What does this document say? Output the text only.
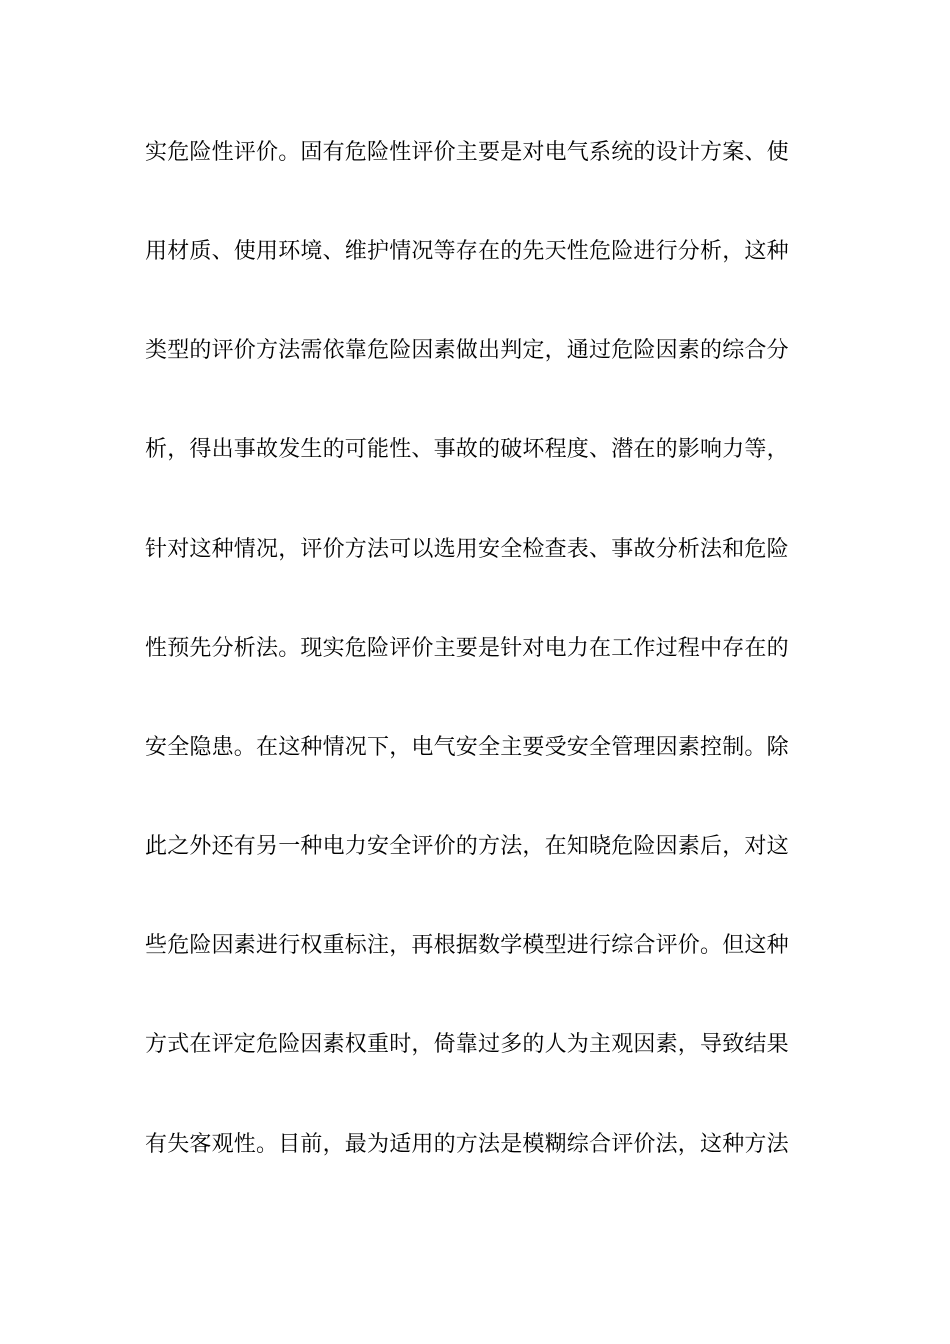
实危险性评价。固有危险性评价主要是对电气系统的设计方案、使
用材质、使用环境、维护情况等存在的先天性危险进行分析，这种
类型的评价方法需依靠危险因素做出判定，通过危险因素的综合分
析，得出事故发生的可能性、事故的破坏程度、潜在的影响力等，
针对这种情况，评价方法可以选用安全检查表、事故分析法和危险
性预先分析法。现实危险评价主要是针对电力在工作过程中存在的
安全隐患。在这种情况下，电气安全主要受安全管理因素控制。除
此之外还有另一种电力安全评价的方法，在知晓危险因素后，对这
些危险因素进行权重标注，再根据数学模型进行综合评价。但这种
方式在评定危险因素权重时，倚靠过多的人为主观因素，导致结果
有失客观性。目前，最为适用的方法是模糊综合评价法，这种方法
